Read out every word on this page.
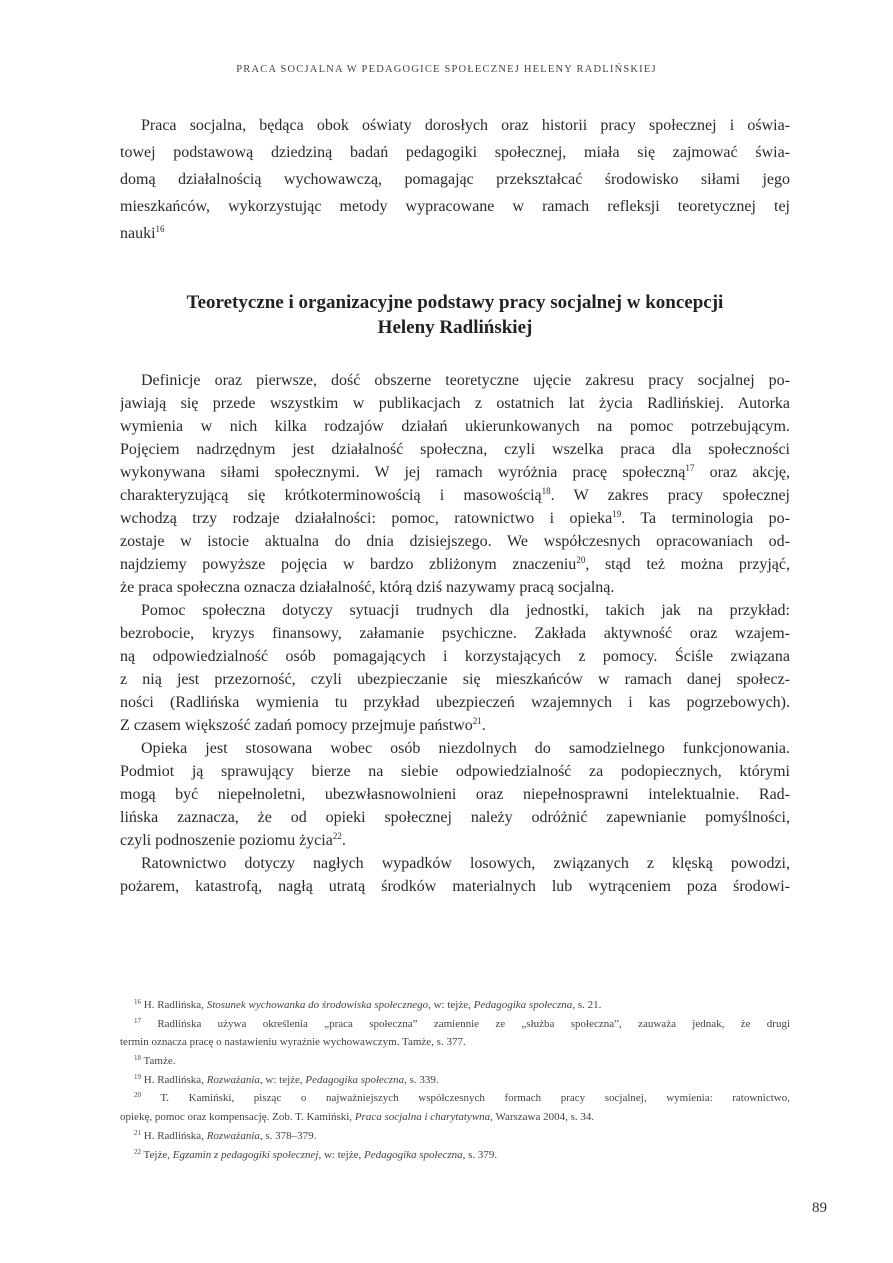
PRACA SOCJALNA W PEDAGOGICE SPOŁECZNEJ HELENY RADLIŃSKIEJ
Praca socjalna, będąca obok oświaty dorosłych oraz historii pracy społecznej i oświa-
towej podstawową dziedziną badań pedagogiki społecznej, miała się zajmować świa-
domą działalnością wychowawczą, pomagając przekształcać środowisko siłami jego
mieszkańców, wykorzystując metody wypracowane w ramach refleksji teoretycznej tej
nauki$^{16}$
Teoretyczne i organizacyjne podstawy pracy socjalnej w koncepcji
Heleny Radlińskiej
Definicje oraz pierwsze, dość obszerne teoretyczne ujęcie zakresu pracy socjalnej po-
jawiają się przede wszystkim w publikacjach z ostatnich lat życia Radlińskiej. Autorka
wymienia w nich kilka rodzajów działań ukierunkowanych na pomoc potrzebującym.
Pojęciem nadrzędnym jest działalność społeczna, czyli wszelka praca dla społeczności
wykonywana siłami społecznymi. W jej ramach wyróżnia pracę społeczną$^{17}$ oraz akcję,
charakteryzującą się krótkoterminowością i masowością$^{18}$. W zakres pracy społecznej
wchodzą trzy rodzaje działalności: pomoc, ratownictwo i opieka$^{19}$. Ta terminologia po-
zostaje w istocie aktualna do dnia dzisiejszego. We współczesnych opracowaniach od-
najdziemy powyższe pojęcia w bardzo zbliżonym znaczeniu$^{20}$, stąd też można przyjąć,
że praca społeczna oznacza działalność, którą dziś nazywamy pracą socjalną.
Pomoc społeczna dotyczy sytuacji trudnych dla jednostki, takich jak na przykład:
bezrobocie, kryzys finansowy, załamanie psychiczne. Zakłada aktywność oraz wzajem-
ną odpowiedzialność osób pomagających i korzystających z pomocy. Ściśle związana
z nią jest przezorność, czyli ubezpieczanie się mieszkańców w ramach danej społecz-
ności (Radlińska wymienia tu przykład ubezpieczeń wzajemnych i kas pogrzebowych).
Z czasem większość zadań pomocy przejmuje państwo$^{21}$.
Opieka jest stosowana wobec osób niezdolnych do samodzielnego funkcjonowania.
Podmiot ją sprawujący bierze na siebie odpowiedzialność za podopiecznych, którymi
mogą być niepełnoletni, ubezwłasnowolnieni oraz niepełnosprawni intelektualnie. Rad-
lińska zaznacza, że od opieki społecznej należy odróżnić zapewnianie pomyślności,
czyli podnoszenie poziomu życia$^{22}$.
Ratownictwo dotyczy nagłych wypadków losowych, związanych z klęską powodzi,
pożarem, katastrofą, nagłą utratą środków materialnych lub wytrąceniem poza środowi-
$^{16}$ H. Radlińska, Stosunek wychowanka do środowiska społecznego, w: tejże, Pedagogika społeczna, s. 21.
$^{17}$ Radlińska używa określenia „praca społeczna” zamiennie ze „służba społeczna”, zauważa jednak, że drugi
termin oznacza pracę o nastawieniu wyraźnie wychowawczym. Tamże, s. 377.
$^{18}$ Tamże.
$^{19}$ H. Radlińska, Rozważania, w: tejże, Pedagogika społeczna, s. 339.
$^{20}$ T. Kamiński, pisząc o najważniejszych współczesnych formach pracy socjalnej, wymienia: ratownictwo,
opiekę, pomoc oraz kompensację. Zob. T. Kamiński, Praca socjalna i charytatywna, Warszawa 2004, s. 34.
$^{21}$ H. Radlińska, Rozważania, s. 378–379.
$^{22}$ Tejże, Egzamin z pedagogiki społecznej, w: tejże, Pedagogika społeczna, s. 379.
89
